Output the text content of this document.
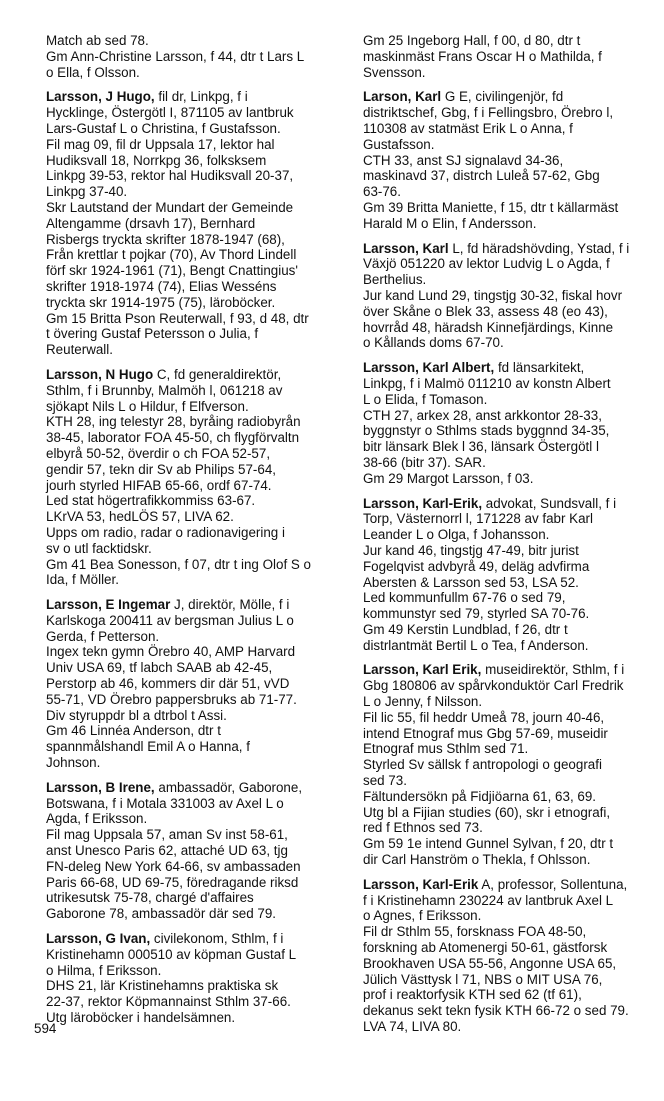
Match ab sed 78.
Gm Ann-Christine Larsson, f 44, dtr t Lars L
o Ella, f Olsson.
Larsson, J Hugo, fil dr, Linkpg, f i
Hycklinge, Östergötl I, 871105 av lantbruk
Lars-Gustaf L o Christina, f Gustafsson.
Fil mag 09, fil dr Uppsala 17, lektor hal
Hudiksvall 18, Norrkpg 36, folksksem
Linkpg 39-53, rektor hal Hudiksvall 20-37,
Linkpg 37-40.
Skr Lautstand der Mundart der Gemeinde
Altengamme (drsavh 17), Bernhard
Risbergs tryckta skrifter 1878-1947 (68),
Från krettlar t pojkar (70), Av Thord Lindell
förf skr 1924-1961 (71), Bengt Cnattingius'
skrifter 1918-1974 (74), Elias Wesséns
tryckta skr 1914-1975 (75), läroböcker.
Gm 15 Britta Pson Reuterwall, f 93, d 48, dtr
t övering Gustaf Petersson o Julia, f
Reuterwall.
Larsson, N Hugo C, fd generaldirektör,
Sthlm, f i Brunnby, Malmöh l, 061218 av
sjökapt Nils L o Hildur, f Elfverson.
KTH 28, ing telestyr 28, byråing radiobyrån
38-45, laborator FOA 45-50, ch flygförvaltn
elbyrå 50-52, överdir o ch FOA 52-57,
gendir 57, tekn dir Sv ab Philips 57-64,
jourh styrled HIFAB 65-66, ordf 67-74.
Led stat högertrafikkommiss 63-67.
LKrVA 53, hedLÖS 57, LIVA 62.
Upps om radio, radar o radionavigering i
sv o utl facktidskr.
Gm 41 Bea Sonesson, f 07, dtr t ing Olof S o
Ida, f Möller.
Larsson, E Ingemar J, direktör, Mölle, f i
Karlskoga 200411 av bergsman Julius L o
Gerda, f Petterson.
Ingex tekn gymn Örebro 40, AMP Harvard
Univ USA 69, tf labch SAAB ab 42-45,
Perstorp ab 46, kommers dir där 51, vVD
55-71, VD Örebro pappersbruks ab 71-77.
Div styruppdr bl a dtrbol t Assi.
Gm 46 Linnéa Anderson, dtr t
spannmålshandl Emil A o Hanna, f
Johnson.
Larsson, B Irene, ambassadör, Gaborone,
Botswana, f i Motala 331003 av Axel L o
Agda, f Eriksson.
Fil mag Uppsala 57, aman Sv inst 58-61,
anst Unesco Paris 62, attaché UD 63, tjg
FN-deleg New York 64-66, sv ambassaden
Paris 66-68, UD 69-75, föredragande riksd
utrikesutsk 75-78, chargé d'affaires
Gaborone 78, ambassadör där sed 79.
Larsson, G Ivan, civilekonom, Sthlm, f i
Kristinehamn 000510 av köpman Gustaf L
o Hilma, f Eriksson.
DHS 21, lär Kristinehamns praktiska sk
22-37, rektor Köpmannainst Sthlm 37-66.
Utg läroböcker i handelsämnen.
Gm 25 Ingeborg Hall, f 00, d 80, dtr t
maskinmäst Frans Oscar H o Mathilda, f
Svensson.
Larson, Karl G E, civilingenjör, fd
distriktschef, Gbg, f i Fellingsbro, Örebro l,
110308 av statmäst Erik L o Anna, f
Gustafsson.
CTH 33, anst SJ signalavd 34-36,
maskinavd 37, distrch Luleå 57-62, Gbg
63-76.
Gm 39 Britta Maniette, f 15, dtr t källarmäst
Harald M o Elin, f Andersson.
Larsson, Karl L, fd häradshövding, Ystad, f i
Växjö 051220 av lektor Ludvig L o Agda, f
Berthelius.
Jur kand Lund 29, tingstjg 30-32, fiskal hovr
över Skåne o Blek 33, assess 48 (eo 43),
hovrråd 48, häradsh Kinnefjärdings, Kinne
o Kållands doms 67-70.
Larsson, Karl Albert, fd länsarkitekt,
Linkpg, f i Malmö 011210 av konstn Albert
L o Elida, f Tomason.
CTH 27, arkex 28, anst arkkontor 28-33,
byggnstyr o Sthlms stads byggnnd 34-35,
bitr länsark Blek l 36, länsark Östergötl l
38-66 (bitr 37). SAR.
Gm 29 Margot Larsson, f 03.
Larsson, Karl-Erik, advokat, Sundsvall, f i
Torp, Västernorrl l, 171228 av fabr Karl
Leander L o Olga, f Johansson.
Jur kand 46, tingstjg 47-49, bitr jurist
Fogelqvist advbyrå 49, deläg advfirma
Abersten & Larsson sed 53, LSA 52.
Led kommunfullm 67-76 o sed 79,
kommunstyr sed 79, styrled SA 70-76.
Gm 49 Kerstin Lundblad, f 26, dtr t
distrlantmät Bertil L o Tea, f Anderson.
Larsson, Karl Erik, museidirektör, Sthlm, f i
Gbg 180806 av spårvkonduktör Carl Fredrik
L o Jenny, f Nilsson.
Fil lic 55, fil heddr Umeå 78, journ 40-46,
intend Etnograf mus Gbg 57-69, museidir
Etnograf mus Sthlm sed 71.
Styrled Sv sällsk f antropologi o geografi
sed 73.
Fältundersökn på Fidjiöarna 61, 63, 69.
Utg bl a Fijian studies (60), skr i etnografi,
red f Ethnos sed 73.
Gm 59 1e intend Gunnel Sylvan, f 20, dtr t
dir Carl Hanström o Thekla, f Ohlsson.
Larsson, Karl-Erik A, professor, Sollentuna,
f i Kristinehamn 230224 av lantbruk Axel L
o Agnes, f Eriksson.
Fil dr Sthlm 55, forsknass FOA 48-50,
forskning ab Atomenergi 50-61, gästforsk
Brookhaven USA 55-56, Angonne USA 65,
Jülich Västtysk l 71, NBS o MIT USA 76,
prof i reaktorfysik KTH sed 62 (tf 61),
dekanus sekt tekn fysik KTH 66-72 o sed 79.
LVA 74, LIVA 80.
594
